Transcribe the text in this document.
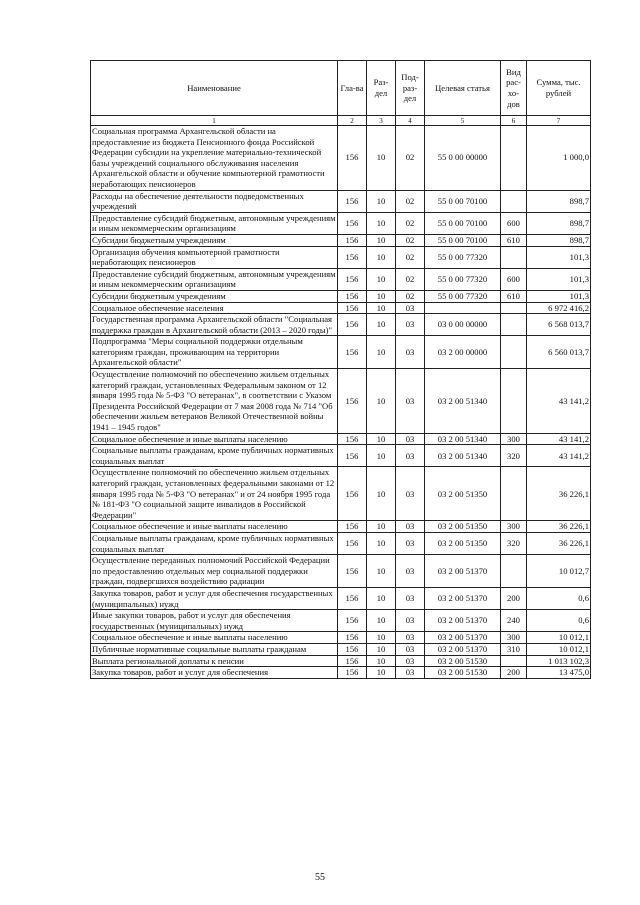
Наименование	Гла-ва	Раз-дел	Под-раз-дел	Целевая статья	Вид рас-хо-дов	Сумма, тыс. рублей
1	2	3	4	5	6	7
Социальная программа Архангельской области на предоставление из бюджета Пенсионного фонда Российской Федерации субсидии на укрепление материально-технической базы учреждений социального обслуживания населения Архангельской области и обучение компьютерной грамотности неработающих пенсионеров	156	10	02	55 0 00 00000		1 000,0
Расходы на обеспечение деятельности подведомственных учреждений	156	10	02	55 0 00 70100		898,7
Предоставление субсидий бюджетным, автономным учреждениям и иным некоммерческим организациям	156	10	02	55 0 00 70100	600	898,7
Субсидии бюджетным учреждениям	156	10	02	55 0 00 70100	610	898,7
Организация обучения компьютерной грамотности неработающих пенсионеров	156	10	02	55 0 00 77320		101,3
Предоставление субсидий бюджетным, автономным учреждениям и иным некоммерческим организациям	156	10	02	55 0 00 77320	600	101,3
Субсидии бюджетным учреждениям	156	10	02	55 0 00 77320	610	101,3
Социальное обеспечение населения	156	10	03			6 972 416,2
Государственная программа Архангельской области "Социальная поддержка граждан в Архангельской области (2013 – 2020 годы)"	156	10	03	03 0 00 00000		6 568 013,7
Подпрограмма "Меры социальной поддержки отдельным категориям граждан, проживающим на территории Архангельской области"	156	10	03	03 2 00 00000		6 560 013,7
Осуществление полномочий по обеспечению жильем отдельных категорий граждан, установленных Федеральным законом от 12 января 1995 года № 5-ФЗ "О ветеранах", в соответствии с Указом Президента Российской Федерации от 7 мая 2008 года № 714 "Об обеспечении жильем ветеранов Великой Отечественной войны 1941 – 1945 годов"	156	10	03	03 2 00 51340		43 141,2
Социальное обеспечение и иные выплаты населению	156	10	03	03 2 00 51340	300	43 141,2
Социальные выплаты гражданам, кроме публичных нормативных социальных выплат	156	10	03	03 2 00 51340	320	43 141,2
Осуществление полномочий по обеспечению жильем отдельных категорий граждан, установленных федеральными законами от 12 января 1995 года № 5-ФЗ "О ветеранах" и от 24 ноября 1995 года № 181-ФЗ "О социальной защите инвалидов в Российской Федерации"	156	10	03	03 2 00 51350		36 226,1
Социальное обеспечение и иные выплаты населению	156	10	03	03 2 00 51350	300	36 226,1
Социальные выплаты гражданам, кроме публичных нормативных социальных выплат	156	10	03	03 2 00 51350	320	36 226,1
Осуществление переданных полномочий Российской Федерации по предоставлению отдельных мер социальной поддержки граждан, подвергшихся воздействию радиации	156	10	03	03 2 00 51370		10 012,7
Закупка товаров, работ и услуг для обеспечения государственных (муниципальных) нужд	156	10	03	03 2 00 51370	200	0,6
Иные закупки товаров, работ и услуг для обеспечения государственных (муниципальных) нужд	156	10	03	03 2 00 51370	240	0,6
Социальное обеспечение и иные выплаты населению	156	10	03	03 2 00 51370	300	10 012,1
Публичные нормативные социальные выплаты гражданам	156	10	03	03 2 00 51370	310	10 012,1
Выплата региональной доплаты к пенсии	156	10	03	03 2 00 51530		1 013 102,3
Закупка товаров, работ и услуг для обеспечения	156	10	03	03 2 00 51530	200	13 475,0
55
